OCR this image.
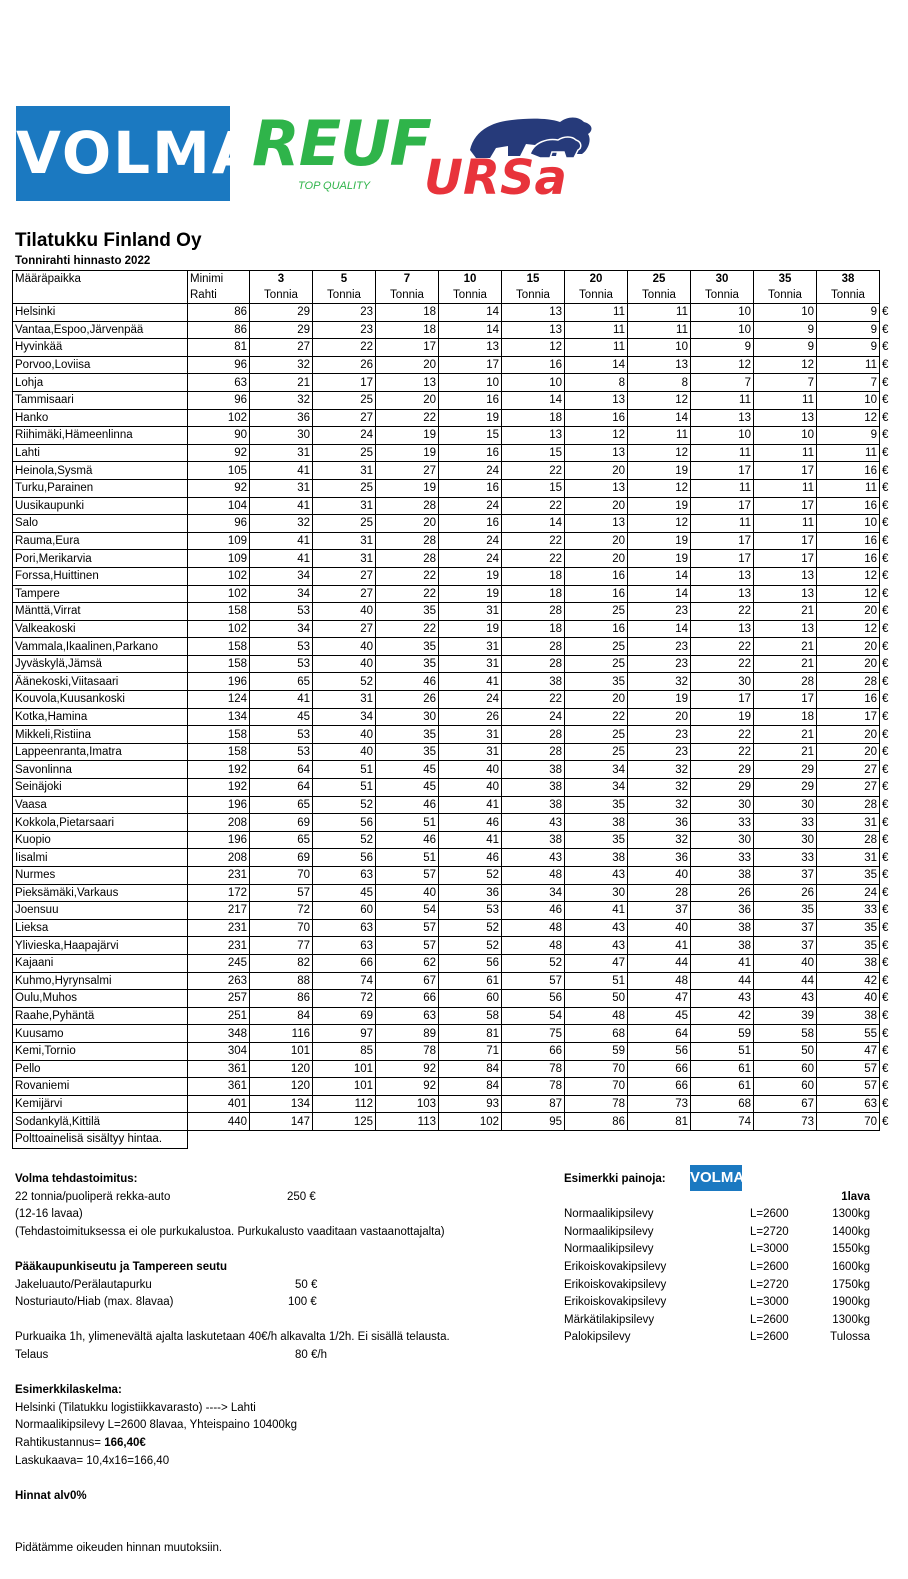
VOLMA
REUF
TOP QUALITY URSa
Tilatukku Finland Oy
Tonnirahti hinnasto 2022
Määräpaikka	Minimi	3	5	7	10	15	20	25	30	35	38	
	Rahti	Tonnia	Tonnia	Tonnia	Tonnia	Tonnia	Tonnia	Tonnia	Tonnia	Tonnia	Tonnia	
Helsinki	86	29	23	18	14	13	11	11	10	10	9	€
Vantaa,Espoo,Järvenpää	86	29	23	18	14	13	11	11	10	9	9	€
Hyvinkää	81	27	22	17	13	12	11	10	9	9	9	€
Porvoo,Loviisa	96	32	26	20	17	16	14	13	12	12	11	€
Lohja	63	21	17	13	10	10	8	8	7	7	7	€
Tammisaari	96	32	25	20	16	14	13	12	11	11	10	€
Hanko	102	36	27	22	19	18	16	14	13	13	12	€
Riihimäki,Hämeenlinna	90	30	24	19	15	13	12	11	10	10	9	€
Lahti	92	31	25	19	16	15	13	12	11	11	11	€
Heinola,Sysmä	105	41	31	27	24	22	20	19	17	17	16	€
Turku,Parainen	92	31	25	19	16	15	13	12	11	11	11	€
Uusikaupunki	104	41	31	28	24	22	20	19	17	17	16	€
Salo	96	32	25	20	16	14	13	12	11	11	10	€
Rauma,Eura	109	41	31	28	24	22	20	19	17	17	16	€
Pori,Merikarvia	109	41	31	28	24	22	20	19	17	17	16	€
Forssa,Huittinen	102	34	27	22	19	18	16	14	13	13	12	€
Tampere	102	34	27	22	19	18	16	14	13	13	12	€
Mänttä,Virrat	158	53	40	35	31	28	25	23	22	21	20	€
Valkeakoski	102	34	27	22	19	18	16	14	13	13	12	€
Vammala,Ikaalinen,Parkano	158	53	40	35	31	28	25	23	22	21	20	€
Jyväskylä,Jämsä	158	53	40	35	31	28	25	23	22	21	20	€
Äänekoski,Viitasaari	196	65	52	46	41	38	35	32	30	28	28	€
Kouvola,Kuusankoski	124	41	31	26	24	22	20	19	17	17	16	€
Kotka,Hamina	134	45	34	30	26	24	22	20	19	18	17	€
Mikkeli,Ristiina	158	53	40	35	31	28	25	23	22	21	20	€
Lappeenranta,Imatra	158	53	40	35	31	28	25	23	22	21	20	€
Savonlinna	192	64	51	45	40	38	34	32	29	29	27	€
Seinäjoki	192	64	51	45	40	38	34	32	29	29	27	€
Vaasa	196	65	52	46	41	38	35	32	30	30	28	€
Kokkola,Pietarsaari	208	69	56	51	46	43	38	36	33	33	31	€
Kuopio	196	65	52	46	41	38	35	32	30	30	28	€
Iisalmi	208	69	56	51	46	43	38	36	33	33	31	€
Nurmes	231	70	63	57	52	48	43	40	38	37	35	€
Pieksämäki,Varkaus	172	57	45	40	36	34	30	28	26	26	24	€
Joensuu	217	72	60	54	53	46	41	37	36	35	33	€
Lieksa	231	70	63	57	52	48	43	40	38	37	35	€
Ylivieska,Haapajärvi	231	77	63	57	52	48	43	41	38	37	35	€
Kajaani	245	82	66	62	56	52	47	44	41	40	38	€
Kuhmo,Hyrynsalmi	263	88	74	67	61	57	51	48	44	44	42	€
Oulu,Muhos	257	86	72	66	60	56	50	47	43	43	40	€
Raahe,Pyhäntä	251	84	69	63	58	54	48	45	42	39	38	€
Kuusamo	348	116	97	89	81	75	68	64	59	58	55	€
Kemi,Tornio	304	101	85	78	71	66	59	56	51	50	47	€
Pello	361	120	101	92	84	78	70	66	61	60	57	€
Rovaniemi	361	120	101	92	84	78	70	66	61	60	57	€
Kemijärvi	401	134	112	103	93	87	78	73	68	67	63	€
Sodankylä,Kittilä	440	147	125	113	102	95	86	81	74	73	70	€
Polttoainelisä sisältyy hintaa.												
Volma tehdastoimitus:
22 tonnia/puoliperä rekka-auto	250 €
(12-16 lavaa)
(Tehdastoimituksessa ei ole purkukalustoa. Purkukalusto vaaditaan vastaanottajalta)
Pääkaupunkiseutu ja Tampereen seutu
Jakeluauto/Perälautapurku	50 €
Nosturiauto/Hiab (max. 8lavaa)	100 €
Purkuaika 1h, ylimenevältä ajalta laskutetaan 40€/h alkavalta 1/2h. Ei sisällä telausta.
Telaus	80 €/h
Esimerkkilaskelma:
Helsinki (Tilatukku logistiikkavarasto) ----> Lahti
Normaalikipsilevy L=2600 8lavaa, Yhteispaino 10400kg
Rahtikustannus= 166,40€
Laskukaava= 10,4x16=166,40
Hinnat alv0%
Pidätämme oikeuden hinnan muutoksiin.
Esimerkki painoja:
1lava
Normaalikipsilevy	L=2600	1300kg
Normaalikipsilevy	L=2720	1400kg
Normaalikipsilevy	L=3000	1550kg
Erikoiskovakipsilevy	L=2600	1600kg
Erikoiskovakipsilevy	L=2720	1750kg
Erikoiskovakipsilevy	L=3000	1900kg
Märkätilakipsilevy	L=2600	1300kg
Palokipsilevy	L=2600	Tulossa
VOLMA
